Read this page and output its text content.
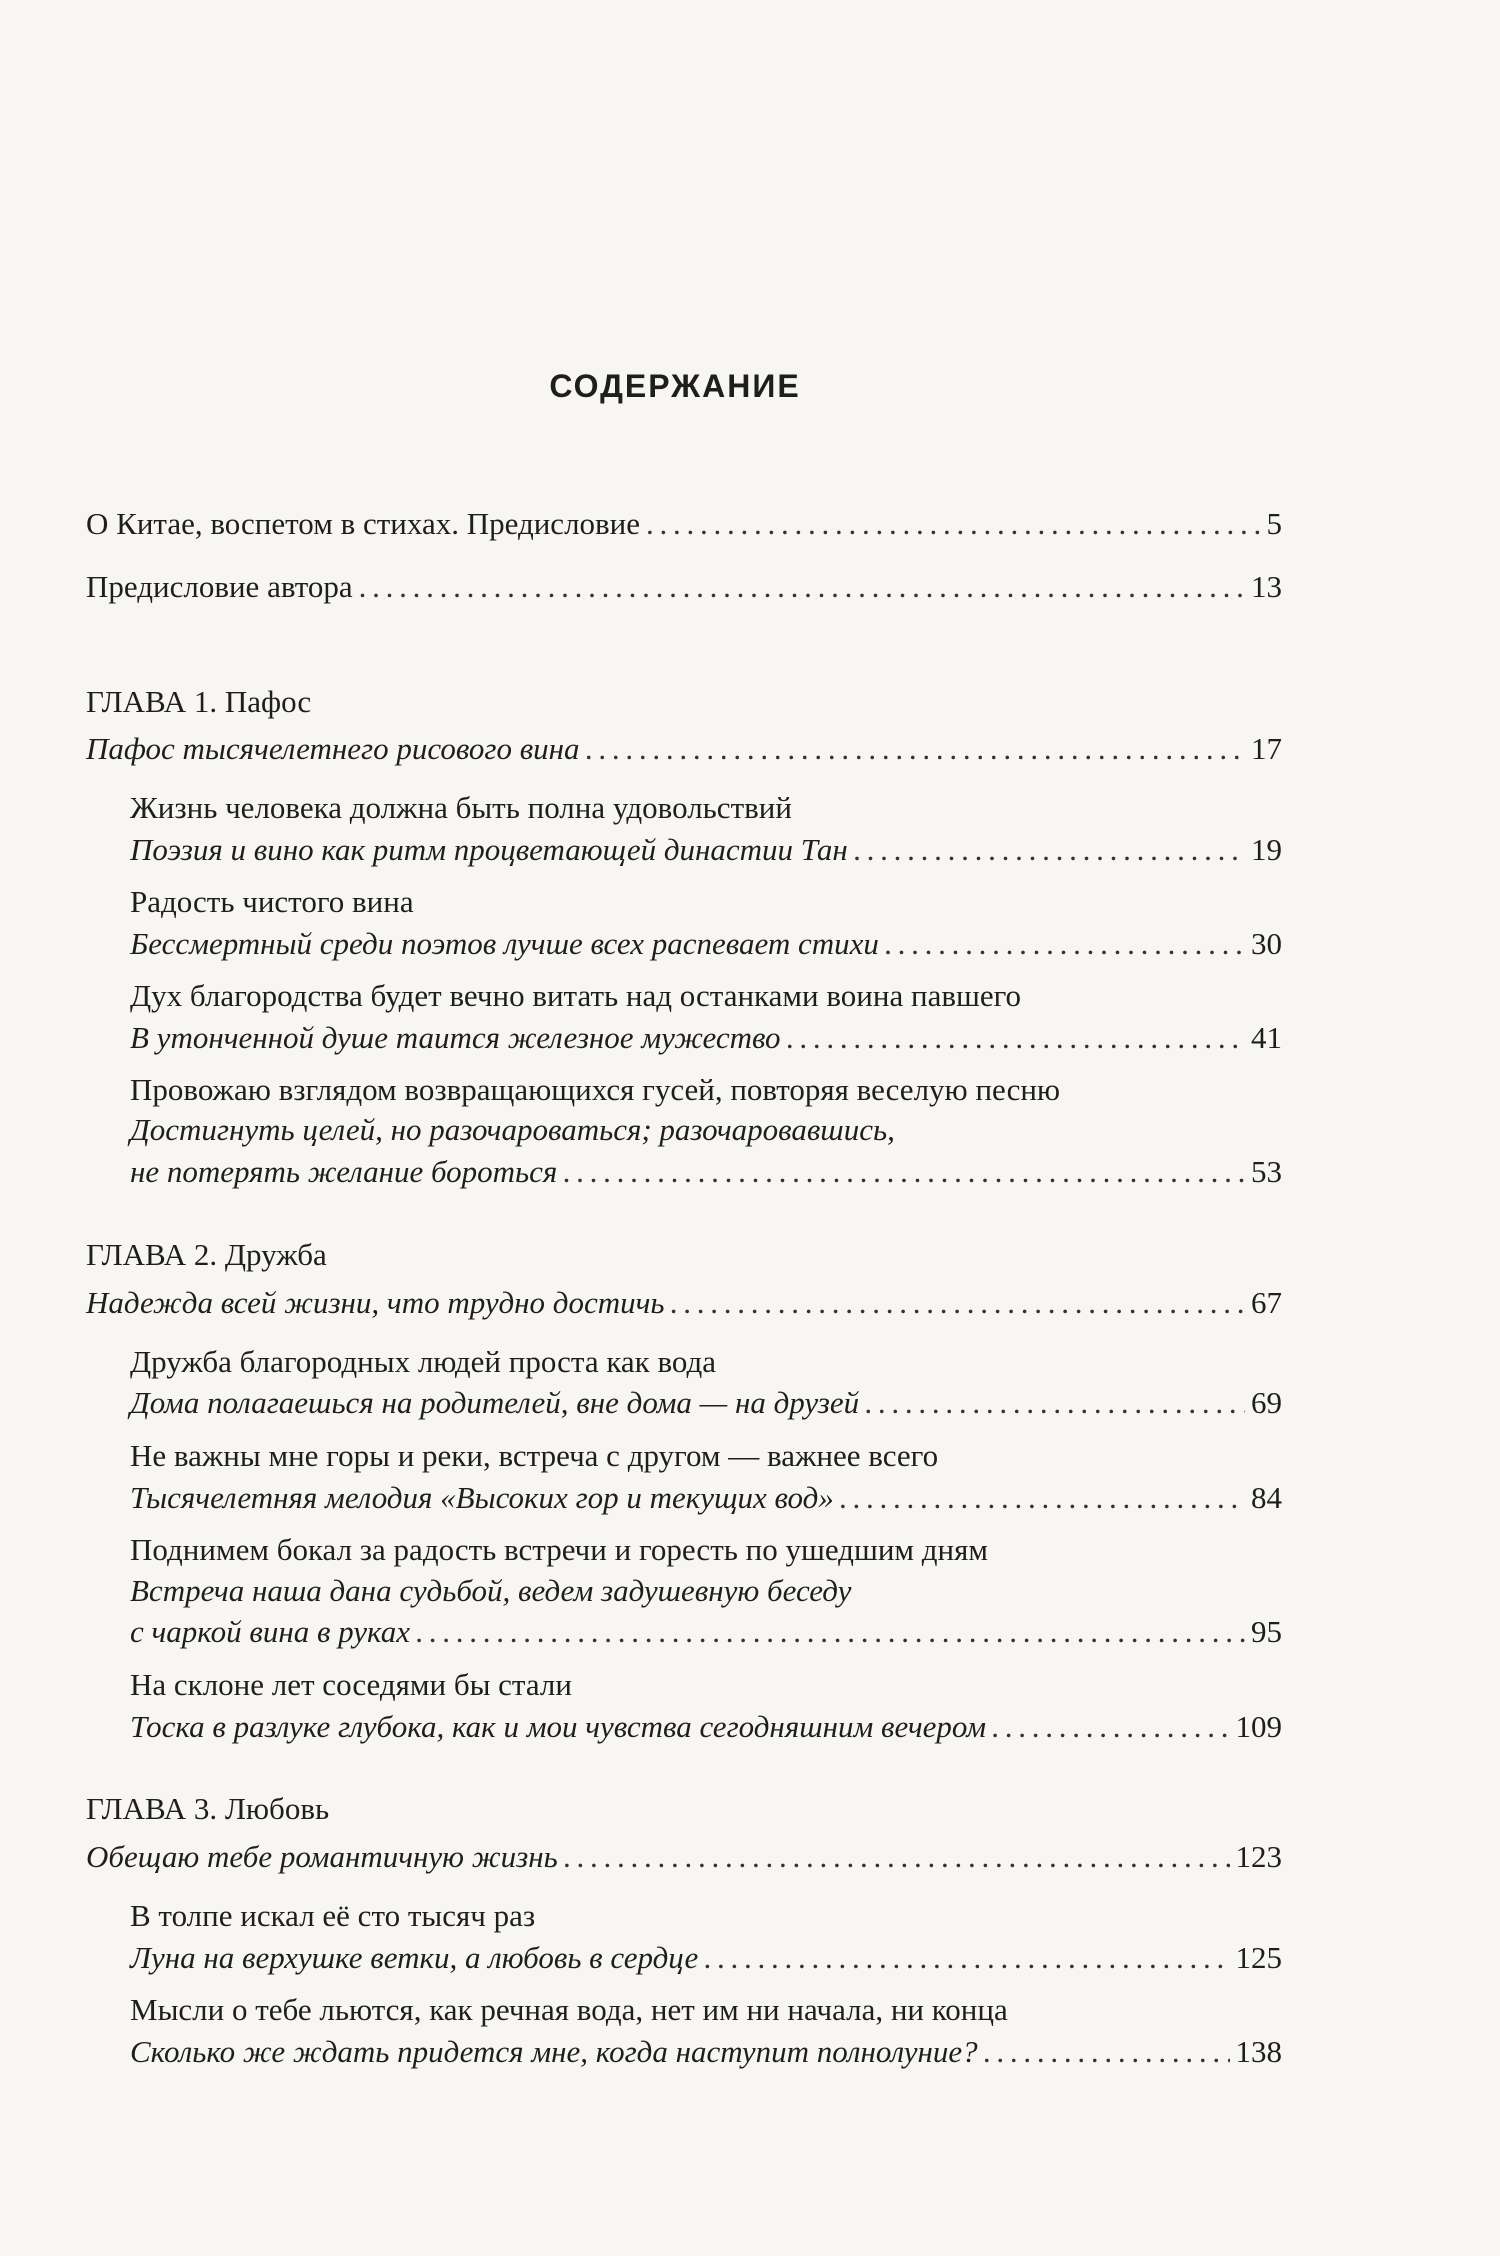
СОДЕРЖАНИЕ
О Китае, воспетом в стихах. Предисловие . . .	5
Предисловие автора . . .	13
ГЛАВА 1. Пафос
Пафос тысячелетнего рисового вина . . .	17
Жизнь человека должна быть полна удовольствий
Поэзия и вино как ритм процветающей династии Тан . . .	19
Радость чистого вина
Бессмертный среди поэтов лучше всех распевает стихи . . .	30
Дух благородства будет вечно витать над останками воина павшего
В утонченной душе таится железное мужество . . .	41
Провожаю взглядом возвращающихся гусей, повторяя веселую песню
Достигнуть целей, но разочароваться; разочаровавшись,
не потерять желание бороться . . .	53
ГЛАВА 2. Дружба
Надежда всей жизни, что трудно достичь . . .	67
Дружба благородных людей проста как вода
Дома полагаешься на родителей, вне дома — на друзей . . .	69
Не важны мне горы и реки, встреча с другом — важнее всего
Тысячелетняя мелодия «Высоких гор и текущих вод» . . .	84
Поднимем бокал за радость встречи и горесть по ушедшим дням
Встреча наша дана судьбой, ведем задушевную беседу
с чаркой вина в руках . . .	95
На склоне лет соседями бы стали
Тоска в разлуке глубока, как и мои чувства сегодняшним вечером . . .	109
ГЛАВА 3. Любовь
Обещаю тебе романтичную жизнь . . .	123
В толпе искал её сто тысяч раз
Луна на верхушке ветки, а любовь в сердце . . .	125
Мысли о тебе льются, как речная вода, нет им ни начала, ни конца
Сколько же ждать придется мне, когда наступит полнолуние? . . .	138
